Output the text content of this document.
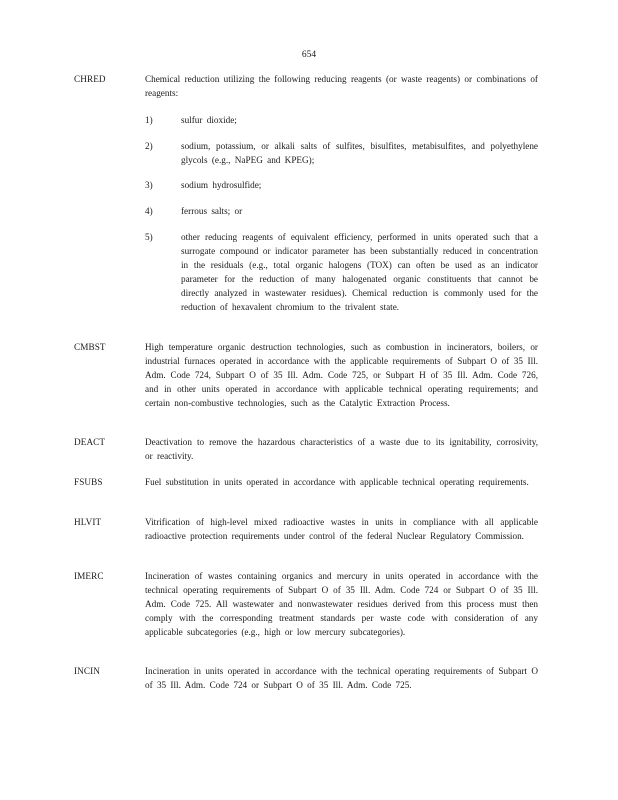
654
CHRED	Chemical reduction utilizing the following reducing reagents (or waste reagents) or combinations of reagents:
1)	sulfur dioxide;
2)	sodium, potassium, or alkali salts of sulfites, bisulfites, metabisulfites, and polyethylene glycols (e.g., NaPEG and KPEG);
3)	sodium hydrosulfide;
4)	ferrous salts; or
5)	other reducing reagents of equivalent efficiency, performed in units operated such that a surrogate compound or indicator parameter has been substantially reduced in concentration in the residuals (e.g., total organic halogens (TOX) can often be used as an indicator parameter for the reduction of many halogenated organic constituents that cannot be directly analyzed in wastewater residues). Chemical reduction is commonly used for the reduction of hexavalent chromium to the trivalent state.
CMBST	High temperature organic destruction technologies, such as combustion in incinerators, boilers, or industrial furnaces operated in accordance with the applicable requirements of Subpart O of 35 Ill. Adm. Code 724, Subpart O of 35 Ill. Adm. Code 725, or Subpart H of 35 Ill. Adm. Code 726, and in other units operated in accordance with applicable technical operating requirements; and certain non-combustive technologies, such as the Catalytic Extraction Process.
DEACT	Deactivation to remove the hazardous characteristics of a waste due to its ignitability, corrosivity, or reactivity.
FSUBS	Fuel substitution in units operated in accordance with applicable technical operating requirements.
HLVIT	Vitrification of high-level mixed radioactive wastes in units in compliance with all applicable radioactive protection requirements under control of the federal Nuclear Regulatory Commission.
IMERC	Incineration of wastes containing organics and mercury in units operated in accordance with the technical operating requirements of Subpart O of 35 Ill. Adm. Code 724 or Subpart O of 35 Ill. Adm. Code 725. All wastewater and nonwastewater residues derived from this process must then comply with the corresponding treatment standards per waste code with consideration of any applicable subcategories (e.g., high or low mercury subcategories).
INCIN	Incineration in units operated in accordance with the technical operating requirements of Subpart O of 35 Ill. Adm. Code 724 or Subpart O of 35 Ill. Adm. Code 725.
